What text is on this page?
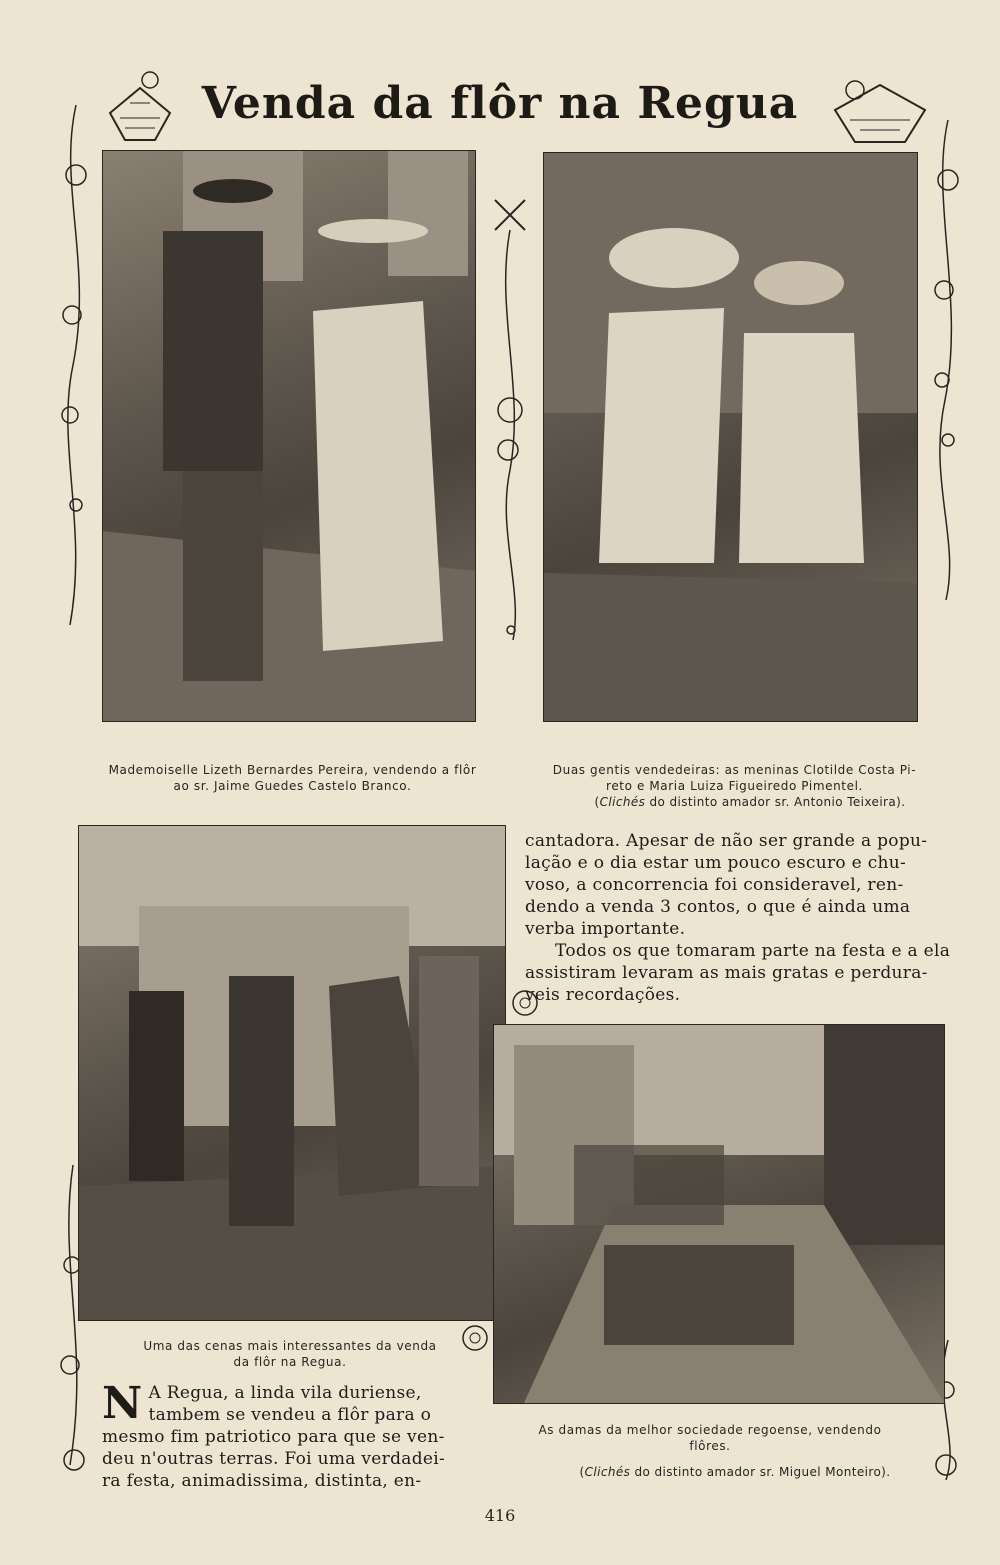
Venda da flôr na Regua
Mademoiselle Lizeth Bernardes Pereira, vendendo a flôr
ao sr. Jaime Guedes Castelo Branco.
Duas gentis vendedeiras: as meninas Clotilde Costa Pi-
reto e Maria Luiza Figueiredo Pimentel.

(Clichés do distinto amador sr. Antonio Teixeira).

Uma das cenas mais interessantes da venda
da flôr na Regua.
As damas da melhor sociedade regoense, vendendo
flôres.

(Clichés do distinto amador sr. Miguel Monteiro).

N A Regua, a linda vila duriense,
tambem se vendeu a flôr para o
mesmo fim patriotico para que se ven-
deu n'outras terras. Foi uma verdadei-
ra festa, animadissima, distinta, en-
cantadora. Apesar de não ser grande a popu-
lação e o dia estar um pouco escuro e chu-
voso, a concorrencia foi consideravel, ren-
dendo a venda 3 contos, o que é ainda uma
verba importante.
Todos os que tomaram parte na festa e a ela
assistiram levaram as mais gratas e perdura-
veis recordações.

416
